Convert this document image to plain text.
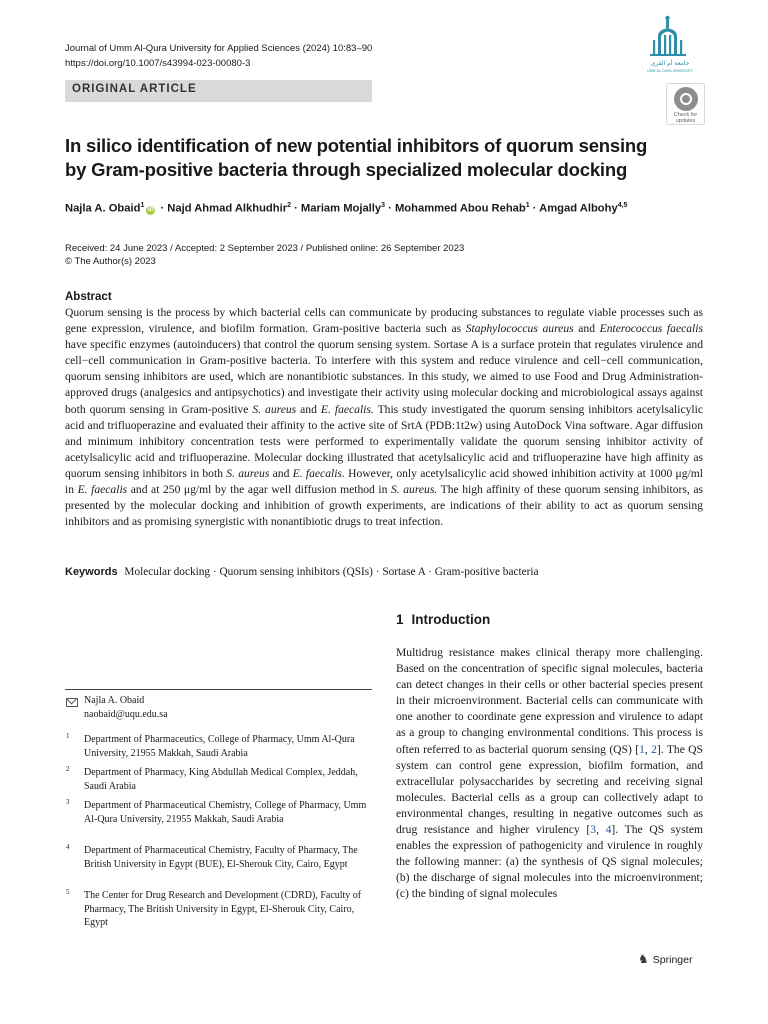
Journal of Umm Al-Qura University for Applied Sciences (2024) 10:83–90
https://doi.org/10.1007/s43994-023-00080-3	جامعة أم القرى
UMM AL-QURA UNIVERSITY
ORIGINAL ARTICLE
Check for
updates
In silico identification of new potential inhibitors of quorum sensing
by Gram-positive bacteria through specialized molecular docking
Najla A. Obaid$^1$iD · Najd Ahmad Alkhudhir$^2$ · Mariam Mojally$^3$ · Mohammed Abou Rehab$^1$ · Amgad Albohy$^{4,5}$
Received: 24 June 2023 / Accepted: 2 September 2023 / Published online: 26 September 2023
© The Author(s) 2023
Abstract
Quorum sensing is the process by which bacterial cells can communicate by producing substances to regulate viable processes such as gene expression, virulence, and biofilm formation. Gram-positive bacteria such as Staphylococcus aureus and Enterococcus faecalis have specific enzymes (autoinducers) that control the quorum sensing system. Sortase A is a surface protein that regulates virulence and cell−cell communication in Gram-positive bacteria. To interfere with this system and reduce virulence and cell−cell communication, quorum sensing inhibitors are used, which are nonantibiotic substances. In this study, we aimed to use Food and Drug Administration-approved drugs (analgesics and antipsychotics) and investigate their activity using molecular docking and microbiological assays against both quorum sensing in Gram-positive S. aureus and E. faecalis. This study investigated the quorum sensing inhibitors acetylsalicylic acid and trifluoperazine and evaluated their affinity to the active site of SrtA (PDB:1t2w) using AutoDock Vina software. Agar diffusion and minimum inhibitory concentration tests were performed to experimentally validate the quorum sensing inhibitor activity of acetylsalicylic acid and trifluoperazine. Molecular docking illustrated that acetylsalicylic acid and trifluoperazine have high affinity as quorum sensing inhibitors in both S. aureus and E. faecalis. However, only acetylsalicylic acid showed inhibition activity at 1000 μg/ml in E. faecalis and at 250 μg/ml by the agar well diffusion method in S. aureus. The high affinity of these quorum sensing inhibitors, as presented by the molecular docking and inhibition of growth experiments, are indications of their ability to act as quorum sensing inhibitors and as promising synergistic with nonantibiotic drugs to treat infection.
Keywords Molecular docking · Quorum sensing inhibitors (QSIs) · Sortase A · Gram-positive bacteria
1 Introduction
Multidrug resistance makes clinical therapy more challenging. Based on the concentration of specific signal molecules, bacteria can detect changes in their cells or other bacterial species present in their microenvironment. Bacterial cells can communicate with one another to coordinate gene expression and virulence to adapt as a group to changing environmental conditions. This process is often referred to as bacterial quorum sensing (QS) [1, 2]. The QS system can control gene expression, biofilm formation, and extracellular polysaccharides by secreting and receiving signal molecules. Bacterial cells as a group can collectively adapt to environmental changes, resulting in negative outcomes such as drug resistance and higher virulency [3, 4]. The QS system enables the expression of pathogenicity and virulence in roughly the following manner: (a) the synthesis of QS signal molecules; (b) the discharge of signal molecules into the microenvironment; (c) the binding of signal molecules
Najla A. Obaid
naobaid@uqu.edu.sa
1 Department of Pharmaceutics, College of Pharmacy, Umm Al-Qura University, 21955 Makkah, Saudi Arabia
2 Department of Pharmacy, King Abdullah Medical Complex, Jeddah, Saudi Arabia
3 Department of Pharmaceutical Chemistry, College of Pharmacy, Umm Al-Qura University, 21955 Makkah, Saudi Arabia
4 Department of Pharmaceutical Chemistry, Faculty of Pharmacy, The British University in Egypt (BUE), El-Sherouk City, Cairo, Egypt
5 The Center for Drug Research and Development (CDRD), Faculty of Pharmacy, The British University in Egypt, El-Sherouk City, Cairo, Egypt
♞ Springer
